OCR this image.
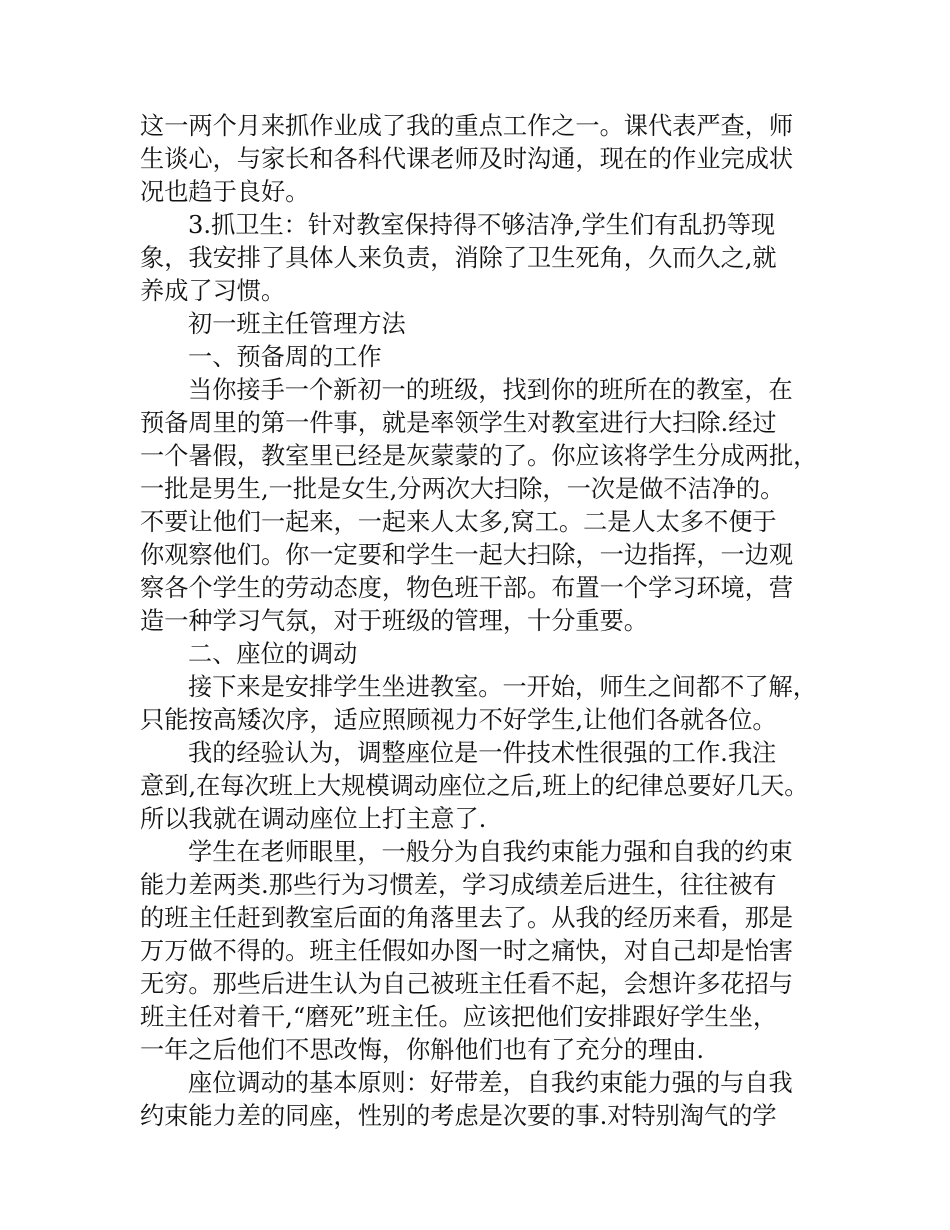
这一两个月来抓作业成了我的重点工作之一。课代表严查，师
生谈心，与家长和各科代课老师及时沟通，现在的作业完成状
况也趋于良好。
3.抓卫生：针对教室保持得不够洁净,学生们有乱扔等现
象，我安排了具体人来负责，消除了卫生死角，久而久之,就
养成了习惯。
初一班主任管理方法
一、预备周的工作
当你接手一个新初一的班级，找到你的班所在的教室，在
预备周里的第一件事，就是率领学生对教室进行大扫除.经过
一个暑假，教室里已经是灰蒙蒙的了。你应该将学生分成两批，
一批是男生,一批是女生,分两次大扫除，一次是做不洁净的。
不要让他们一起来，一起来人太多,窝工。二是人太多不便于
你观察他们。你一定要和学生一起大扫除，一边指挥，一边观
察各个学生的劳动态度，物色班干部。布置一个学习环境，营
造一种学习气氛，对于班级的管理，十分重要。
二、座位的调动
接下来是安排学生坐进教室。一开始，师生之间都不了解，
只能按高矮次序，适应照顾视力不好学生,让他们各就各位。
我的经验认为，调整座位是一件技术性很强的工作.我注
意到,在每次班上大规模调动座位之后,班上的纪律总要好几天。
所以我就在调动座位上打主意了.
学生在老师眼里，一般分为自我约束能力强和自我的约束
能力差两类.那些行为习惯差，学习成绩差后进生，往往被有
的班主任赶到教室后面的角落里去了。从我的经历来看，那是
万万做不得的。班主任假如办图一时之痛快，对自己却是怡害
无穷。那些后进生认为自己被班主任看不起，会想许多花招与
班主任对着干,“磨死”班主任。应该把他们安排跟好学生坐，
一年之后他们不思改悔，你斛他们也有了充分的理由.
座位调动的基本原则：好带差，自我约束能力强的与自我
约束能力差的同座，性别的考虑是次要的事.对特别淘气的学
